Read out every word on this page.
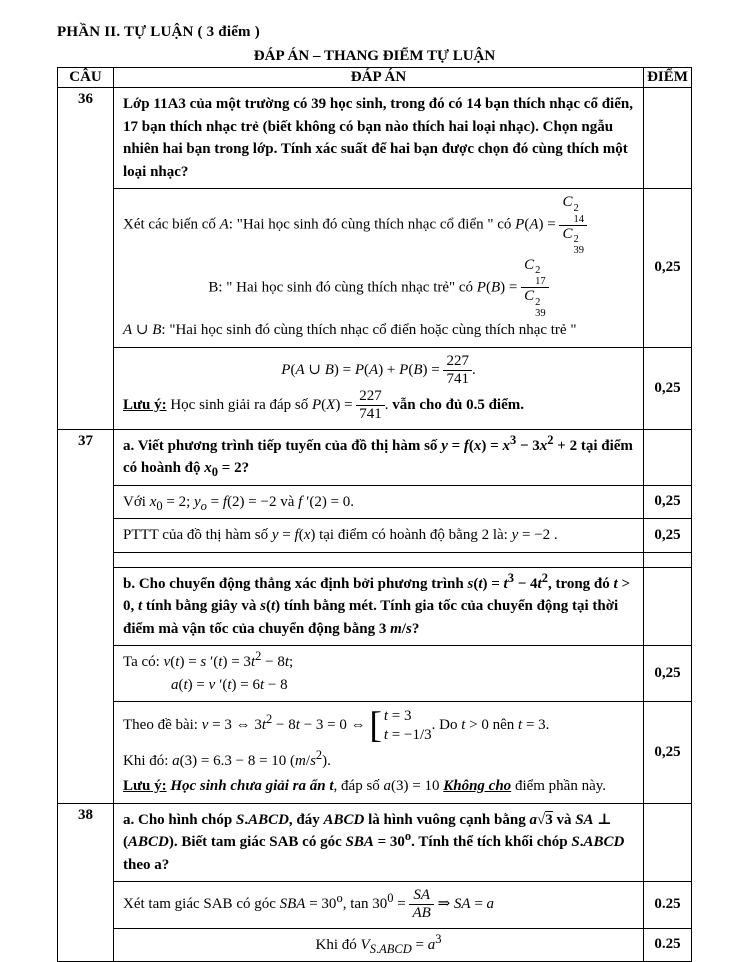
PHẦN II. TỰ LUẬN ( 3 điểm )
ĐÁP ÁN – THANG ĐIỂM TỰ LUẬN
CÂU	ĐÁP ÁN	ĐIỂM
36	Lớp 11A3 của một trường có 39 học sinh, trong đó có 14 bạn thích nhạc cổ điển, 17 bạn thích nhạc trẻ (biết không có bạn nào thích hai loại nhạc). Chọn ngẫu nhiên hai bạn trong lớp. Tính xác suất để hai bạn được chọn đó cùng thích một loại nhạc?	

Xét các biến cố A: "Hai học sinh đó cùng thích nhạc cổ điển " có P(A) = C 2
14
C 2
39
B: " Hai học sinh đó cùng thích nhạc trẻ" có P(B) = C 2
17
C 2
39
A ∪ B: "Hai học sinh đó cùng thích nhạc cổ điển hoặc cùng thích nhạc trẻ "
	0,25

P(A ∪ $B) = P(A) + P(B) = \frac{227}{741}$ .
Lưu ý: Học sinh giải ra đáp số $P(X) = \frac{227}{741}$ . vẫn cho đủ 0.5 điểm.
	0,25
37	a. Viết phương trình tiếp tuyến của đồ thị hàm số $y = f(x) = x^3 - 3x^2 + 2$ tại điểm có hoành độ $x_0 = 2$?	
	Với $x_0 = 2$; $y_o = f(2) = -2$ và f ′(2) = 0.	0,25
	PTTT của đồ thị hàm số y = f(x) tại điểm có hoành độ bằng 2 là: y = −2 .	0,25

	b. Cho chuyển động thẳng xác định bởi phương trình $s(t) = t^3 - 4t^2$, trong đó t > 0, t tính bằng giây và s(t) tính bằng mét. Tính gia tốc của chuyển động tại thời điểm mà vận tốc của chuyển động bằng 3 m/s?	

	Ta có: v(t) = s $'(t) = 3t^2 - 8t$;
a(t) = v ′(t) = 6t − 8	0,25

Theo đề bài: v = 3 ⇔ $3t^2 - 8t - 3 = 0$ ⇔ [ t = 3
t = −1/3
. Do t > 0 nên t = 3.
Khi đó: a(3) = 6.3 − 8 = 10 $(m/s^2)$.
Lưu ý: Học sinh chưa giải ra ẩn t, đáp số a(3) = 10 Không cho điểm phần này.
	0,25
38	a. Cho hình chóp S.ABCD, đáy ABCD là hình vuông cạnh bằng a√3 và SA ⊥ (ABCD). Biết tam giác SAB có góc SBA = $30^o$. Tính thể tích khối chóp S.ABCD theo a?	
	Xét tam giác SAB có góc SBA = $30^o$, $\tan 30^0 = \frac{SA}{AB}$ ⇒ SA = a	0.25

	Khi đó $V_{S.ABCD} = a^3$	0.25
